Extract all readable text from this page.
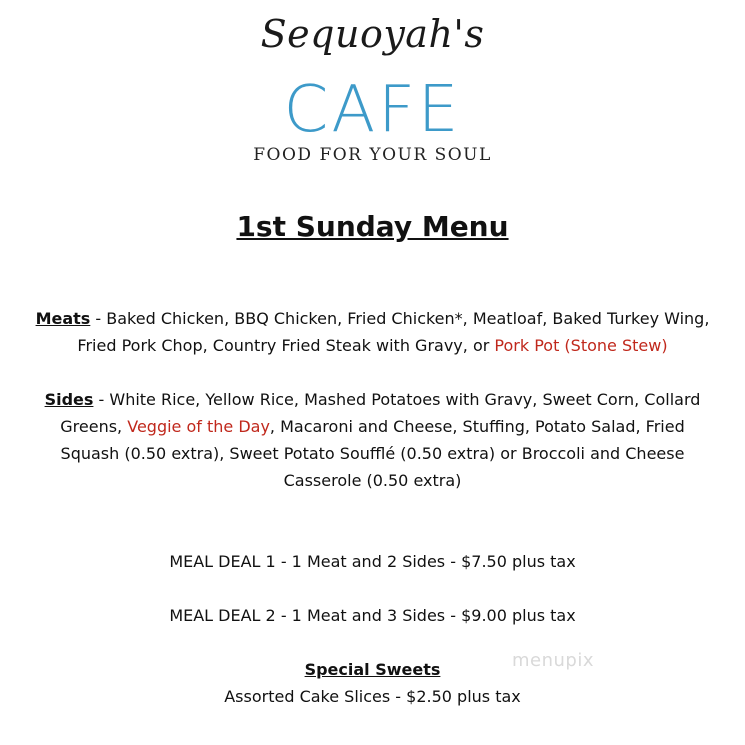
Sequoyah's
CAFE
FOOD FOR YOUR SOUL
1st Sunday Menu
Meats - Baked Chicken, BBQ Chicken, Fried Chicken*, Meatloaf, Baked Turkey Wing, Fried Pork Chop, Country Fried Steak with Gravy, or Pork Pot (Stone Stew)
Sides - White Rice, Yellow Rice, Mashed Potatoes with Gravy, Sweet Corn, Collard Greens, Veggie of the Day, Macaroni and Cheese, Stuffing, Potato Salad, Fried Squash (0.50 extra), Sweet Potato Soufflé (0.50 extra) or Broccoli and Cheese Casserole (0.50 extra)
MEAL DEAL 1 - 1 Meat and 2 Sides - $7.50 plus tax
MEAL DEAL 2 - 1 Meat and 3 Sides - $9.00 plus tax
Special Sweets
Assorted Cake Slices - $2.50 plus tax
menupix
